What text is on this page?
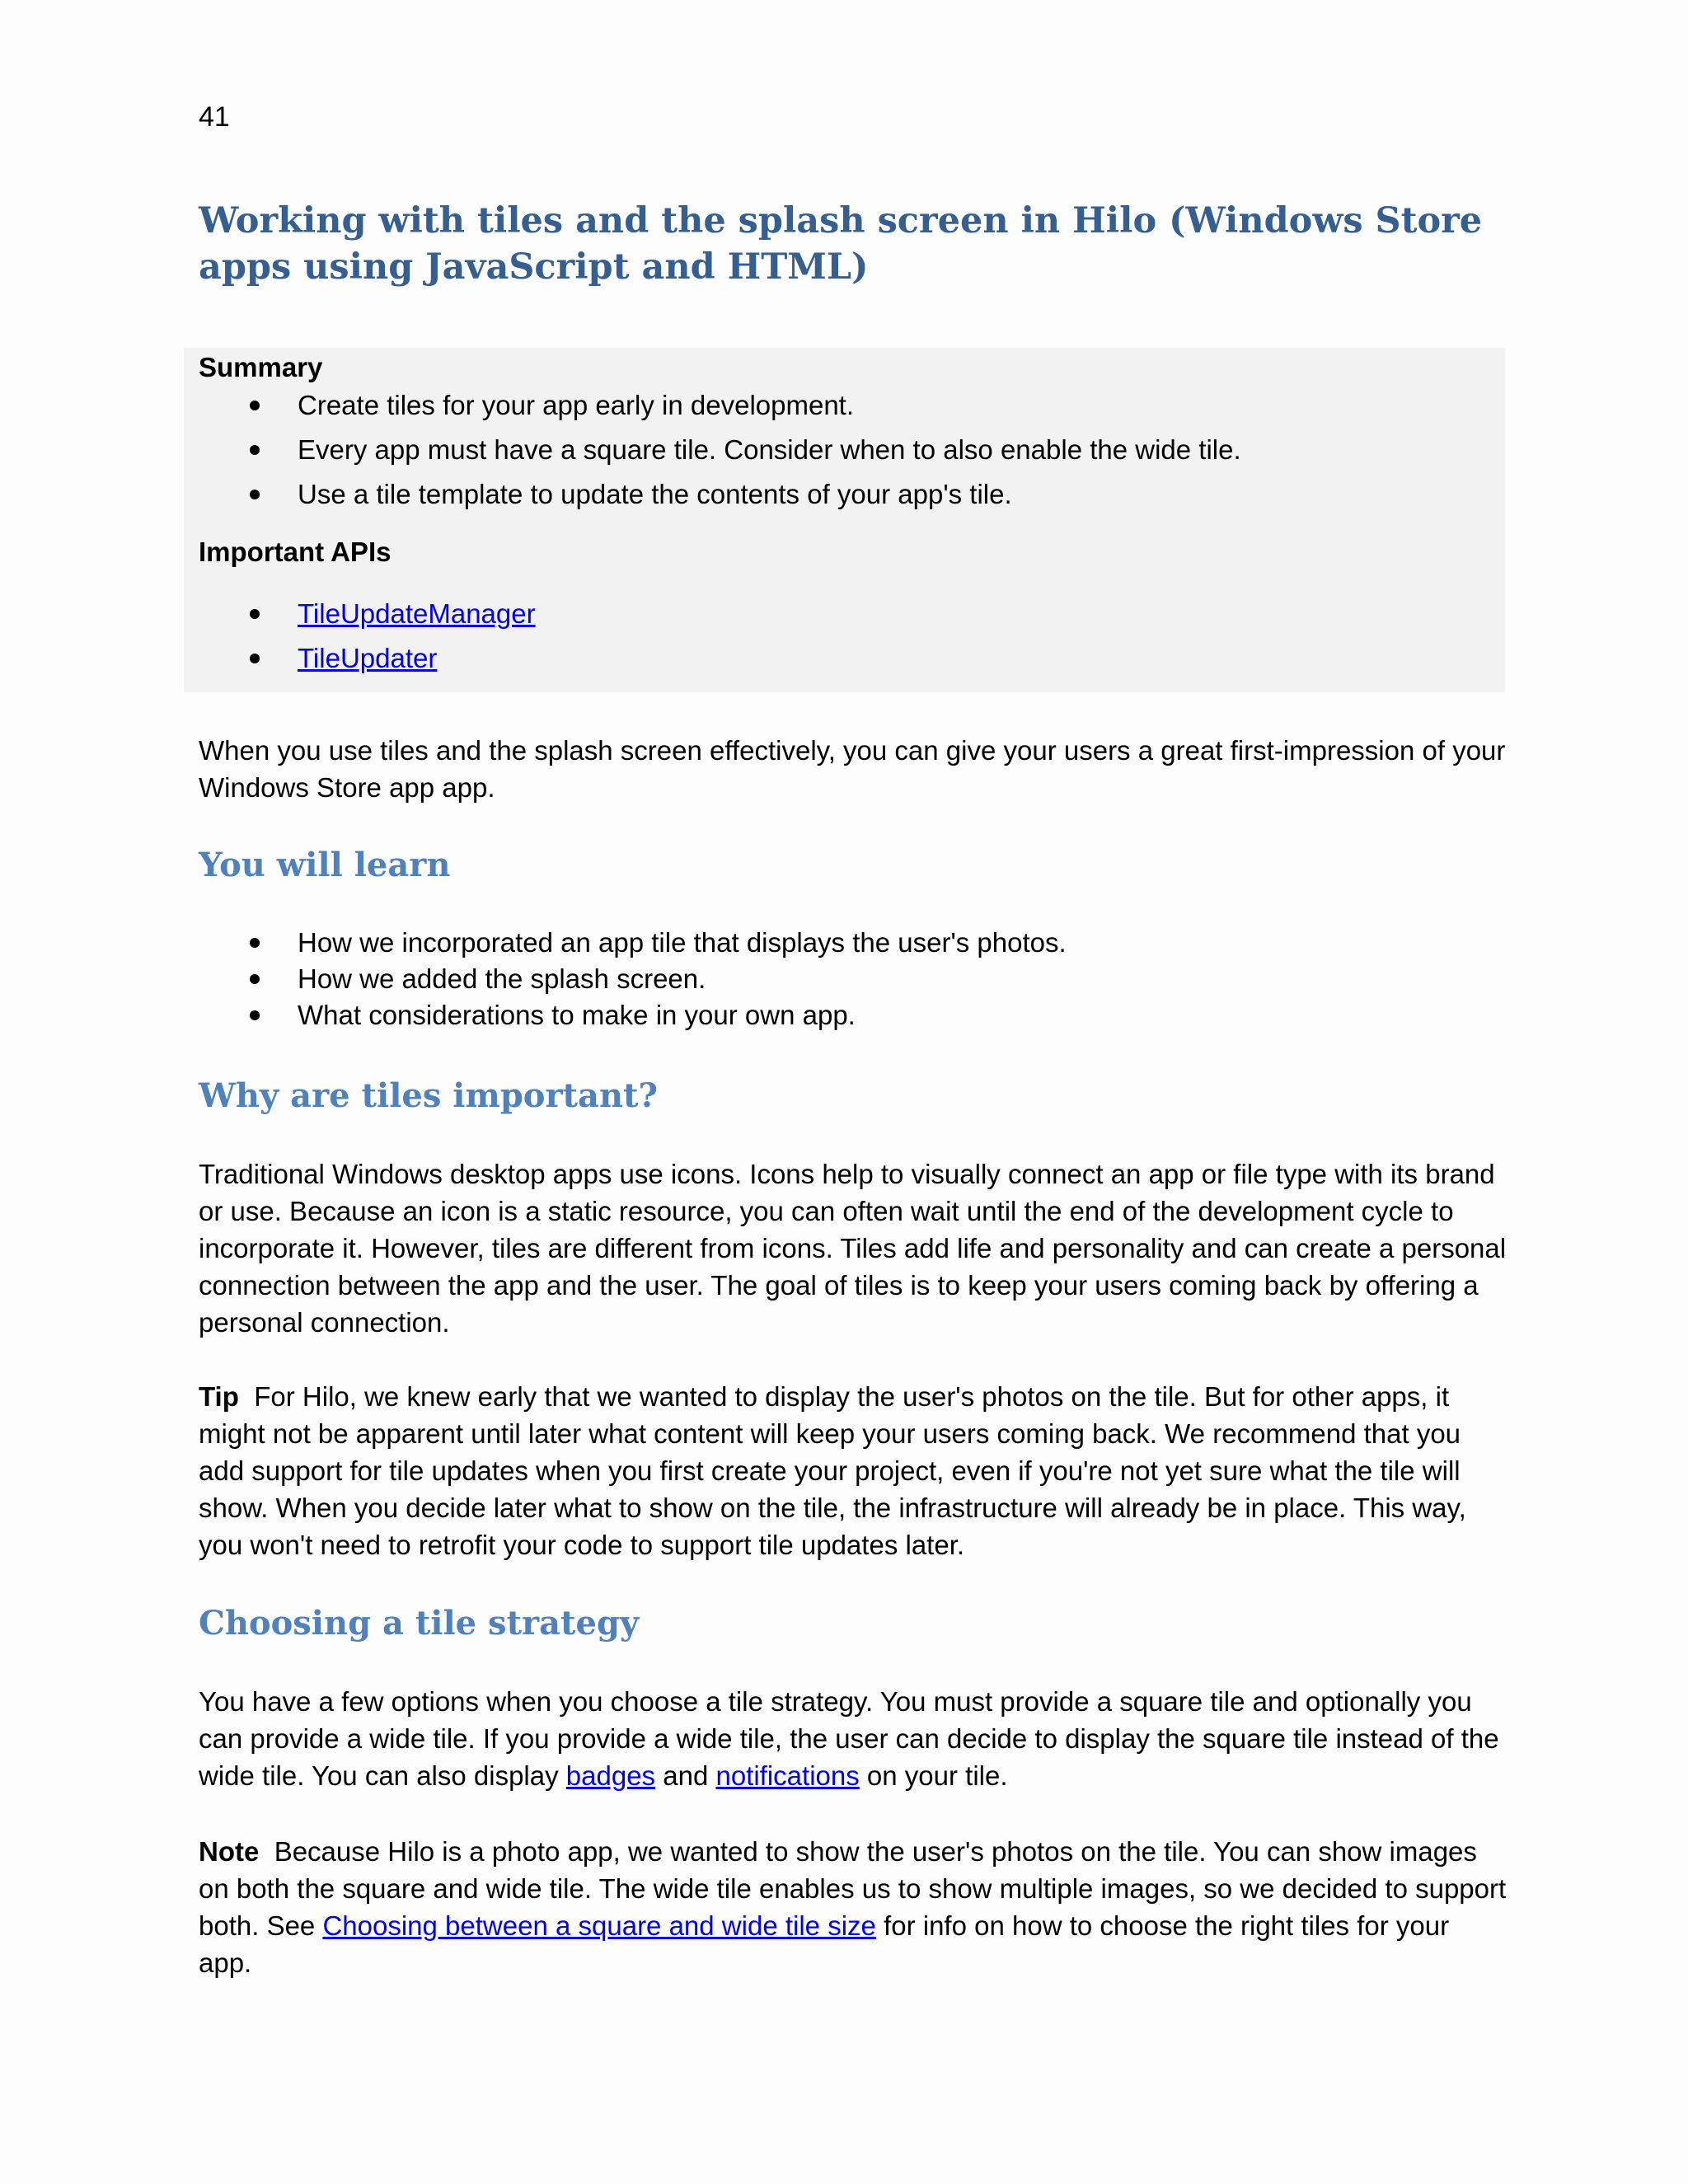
41
Working with tiles and the splash screen in Hilo (Windows Store apps using JavaScript and HTML)
Summary
Create tiles for your app early in development.
Every app must have a square tile. Consider when to also enable the wide tile.
Use a tile template to update the contents of your app's tile.
Important APIs
TileUpdateManager
TileUpdater

When you use tiles and the splash screen effectively, you can give your users a great first-impression of your Windows Store app app.

You will learn
How we incorporated an app tile that displays the user's photos.
How we added the splash screen.
What considerations to make in your own app.
Why are tiles important?

Traditional Windows desktop apps use icons. Icons help to visually connect an app or file type with its brand or use. Because an icon is a static resource, you can often wait until the end of the development cycle to incorporate it. However, tiles are different from icons. Tiles add life and personality and can create a personal connection between the app and the user. The goal of tiles is to keep your users coming back by offering a personal connection.

Tip For Hilo, we knew early that we wanted to display the user's photos on the tile. But for other apps, it might not be apparent until later what content will keep your users coming back. We recommend that you add support for tile updates when you first create your project, even if you're not yet sure what the tile will show. When you decide later what to show on the tile, the infrastructure will already be in place. This way, you won't need to retrofit your code to support tile updates later.

Choosing a tile strategy

You have a few options when you choose a tile strategy. You must provide a square tile and optionally you can provide a wide tile. If you provide a wide tile, the user can decide to display the square tile instead of the wide tile. You can also display badges and notifications on your tile.

Note Because Hilo is a photo app, we wanted to show the user's photos on the tile. You can show images on both the square and wide tile. The wide tile enables us to show multiple images, so we decided to support both. See Choosing between a square and wide tile size for info on how to choose the right tiles for your app.
